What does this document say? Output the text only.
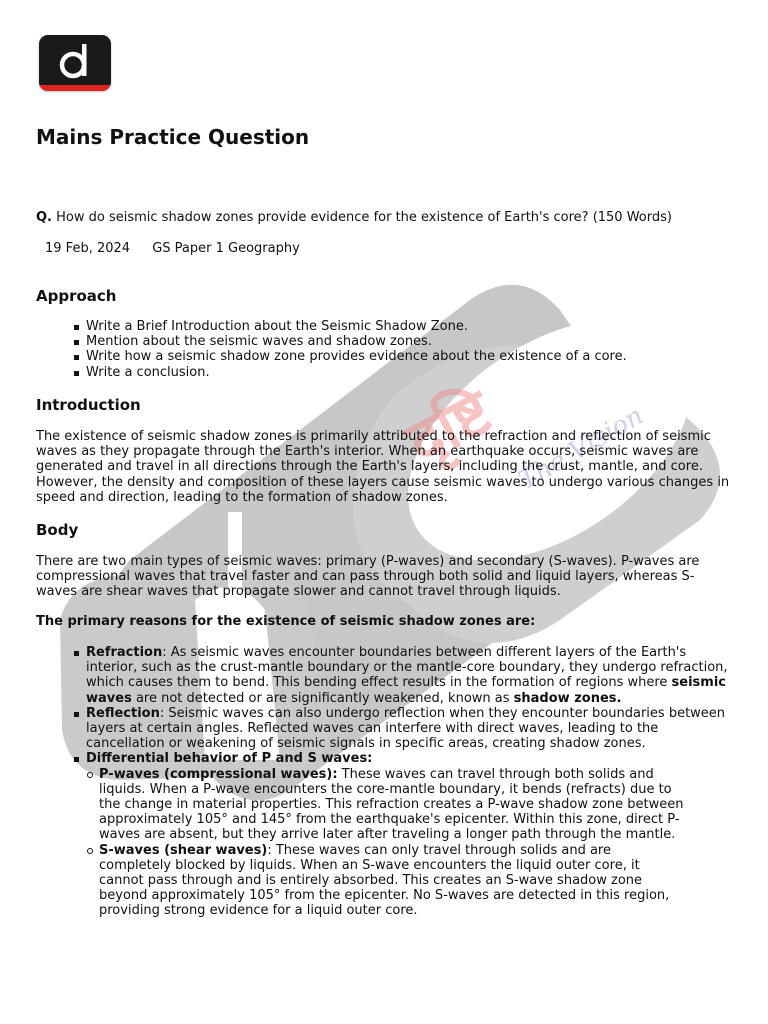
दृष्टि The Vision
Mains Practice Question
Q. How do seismic shadow zones provide evidence for the existence of Earth's core? (150 Words)
19 Feb, 2024 GS Paper 1 Geography
Approach
Write a Brief Introduction about the Seismic Shadow Zone.
Mention about the seismic waves and shadow zones.
Write how a seismic shadow zone provides evidence about the existence of a core.
Write a conclusion.
Introduction

The existence of seismic shadow zones is primarily attributed to the refraction and reflection of seismic waves as they propagate through the Earth's interior. When an earthquake occurs, seismic waves are generated and travel in all directions through the Earth's layers, including the crust, mantle, and core. However, the density and composition of these layers cause seismic waves to undergo various changes in speed and direction, leading to the formation of shadow zones.

Body

There are two main types of seismic waves: primary (P-waves) and secondary (S-waves). P-waves are compressional waves that travel faster and can pass through both solid and liquid layers, whereas S-waves are shear waves that propagate slower and cannot travel through liquids.

The primary reasons for the existence of seismic shadow zones are:

Refraction: As seismic waves encounter boundaries between different layers of the Earth's interior, such as the crust-mantle boundary or the mantle-core boundary, they undergo refraction, which causes them to bend. This bending effect results in the formation of regions where seismic waves are not detected or are significantly weakened, known as shadow zones.
Reflection: Seismic waves can also undergo reflection when they encounter boundaries between layers at certain angles. Reflected waves can interfere with direct waves, leading to the cancellation or weakening of seismic signals in specific areas, creating shadow zones.
Differential behavior of P and S waves:
P-waves (compressional waves): These waves can travel through both solids and liquids. When a P-wave encounters the core-mantle boundary, it bends (refracts) due to the change in material properties. This refraction creates a P-wave shadow zone between approximately 105° and 145° from the earthquake's epicenter. Within this zone, direct P-waves are absent, but they arrive later after traveling a longer path through the mantle.
S-waves (shear waves): These waves can only travel through solids and are completely blocked by liquids. When an S-wave encounters the liquid outer core, it cannot pass through and is entirely absorbed. This creates an S-wave shadow zone beyond approximately 105° from the epicenter. No S-waves are detected in this region, providing strong evidence for a liquid outer core.
